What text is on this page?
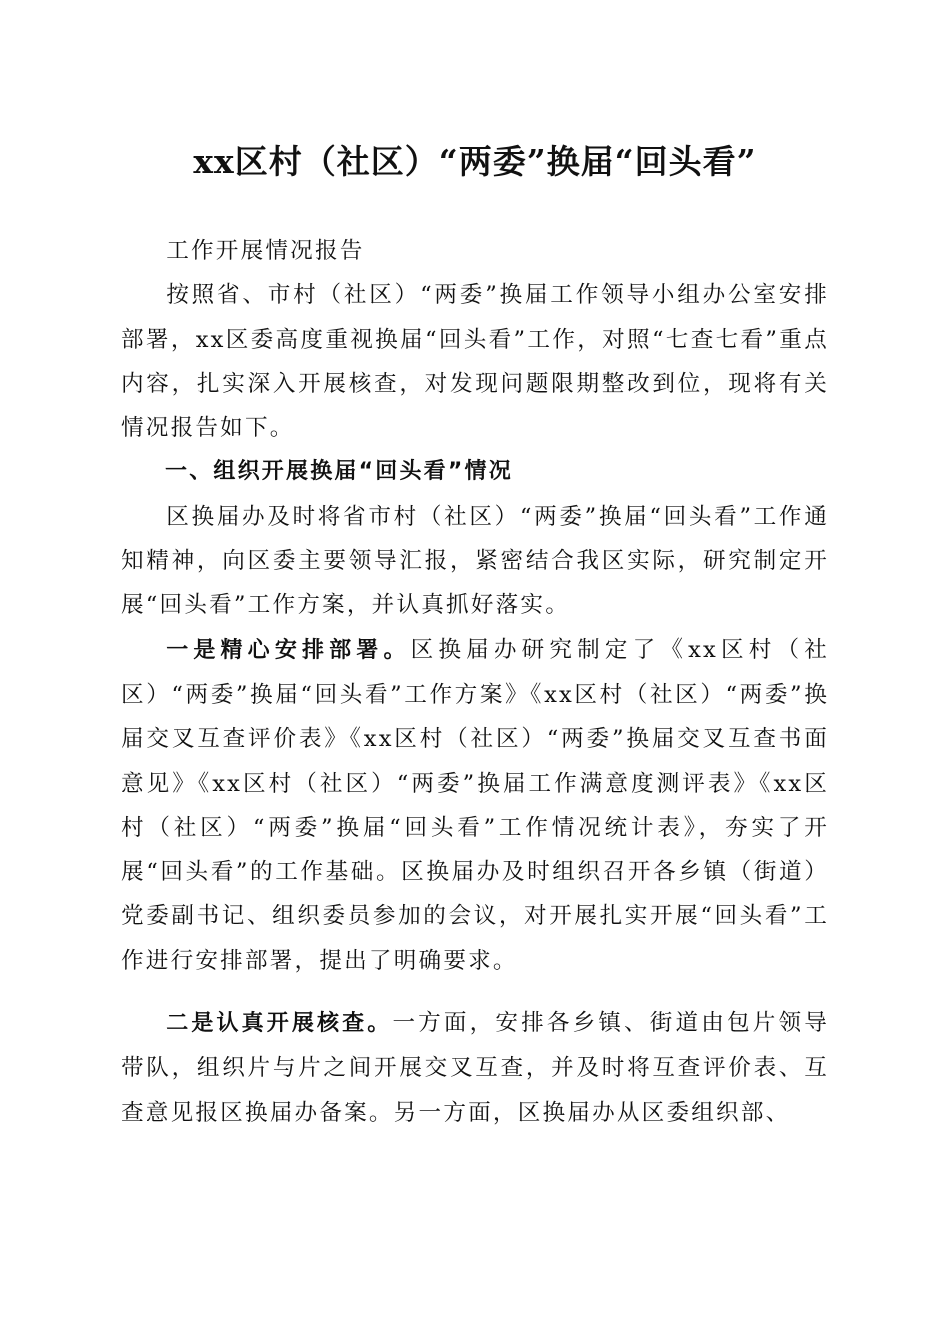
xx区村（社区）“两委”换届“回头看”

工作开展情况报告

按照省、市村（社区）“两委”换届工作领导小组办公室安排部署，xx区委高度重视换届“回头看”工作，对照“七查七看”重点内容，扎实深入开展核查，对发现问题限期整改到位，现将有关情况报告如下。

一、组织开展换届“回头看”情况

区换届办及时将省市村（社区）“两委”换届“回头看”工作通知精神，向区委主要领导汇报，紧密结合我区实际，研究制定开展“回头看”工作方案，并认真抓好落实。

一是精心安排部署。区换届办研究制定了《xx区村（社区）“两委”换届“回头看”工作方案》《xx区村（社区）“两委”换届交叉互查评价表》《xx区村（社区）“两委”换届交叉互查书面意见》《xx区村（社区）“两委”换届工作满意度测评表》《xx区村（社区）“两委”换届“回头看”工作情况统计表》，夯实了开展“回头看”的工作基础。区换届办及时组织召开各乡镇（街道）党委副书记、组织委员参加的会议，对开展扎实开展“回头看”工作进行安排部署，提出了明确要求。

二是认真开展核查。一方面，安排各乡镇、街道由包片领导带队，组织片与片之间开展交叉互查，并及时将互查评价表、互查意见报区换届办备案。另一方面，区换届办从区委组织部、
